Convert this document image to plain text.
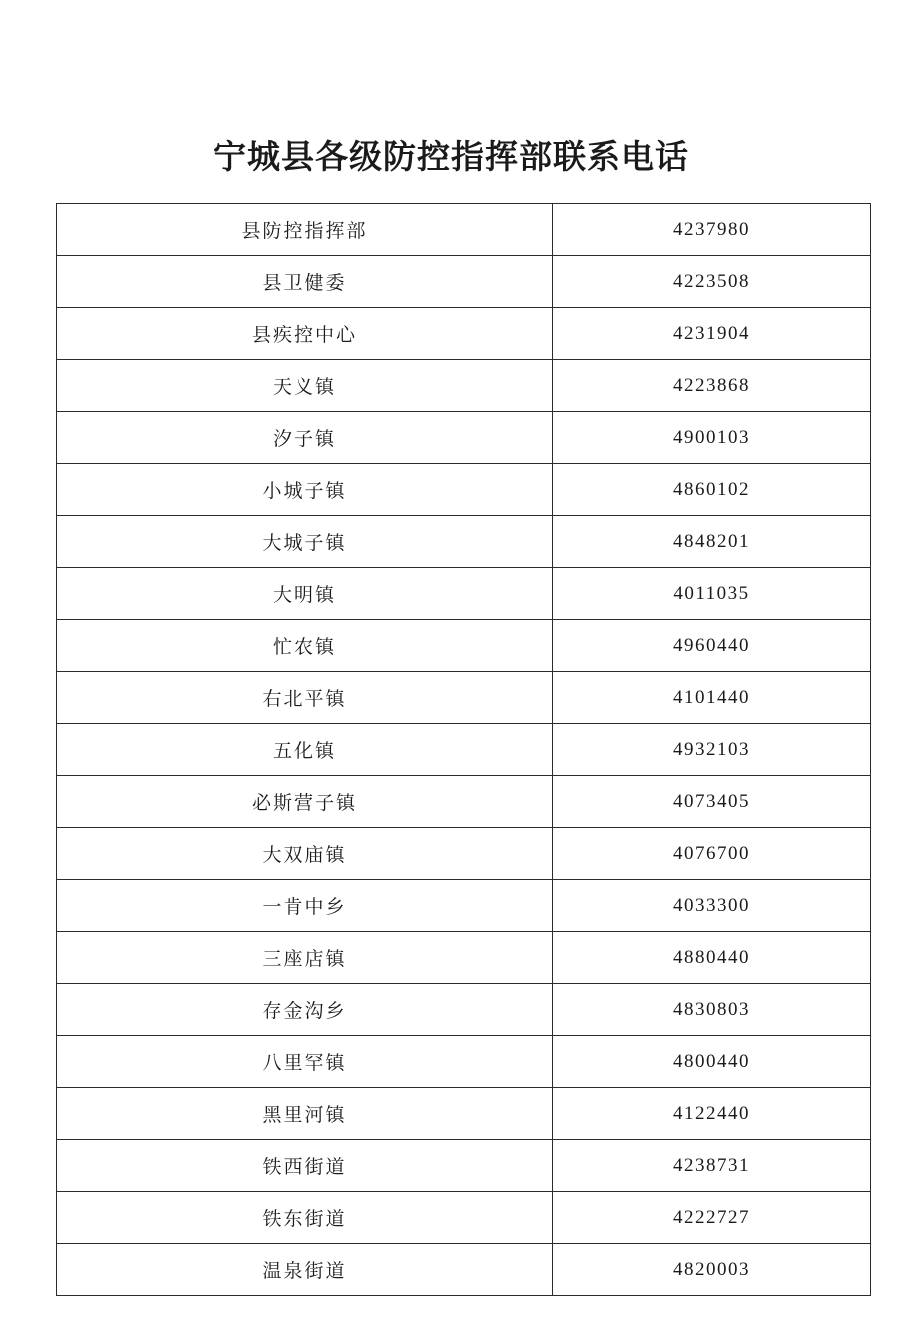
宁城县各级防控指挥部联系电话
县防控指挥部	4237980
县卫健委	4223508
县疾控中心	4231904
天义镇	4223868
汐子镇	4900103
小城子镇	4860102
大城子镇	4848201
大明镇	4011035
忙农镇	4960440
右北平镇	4101440
五化镇	4932103
必斯营子镇	4073405
大双庙镇	4076700
一肯中乡	4033300
三座店镇	4880440
存金沟乡	4830803
八里罕镇	4800440
黑里河镇	4122440
铁西街道	4238731
铁东街道	4222727
温泉街道	4820003
